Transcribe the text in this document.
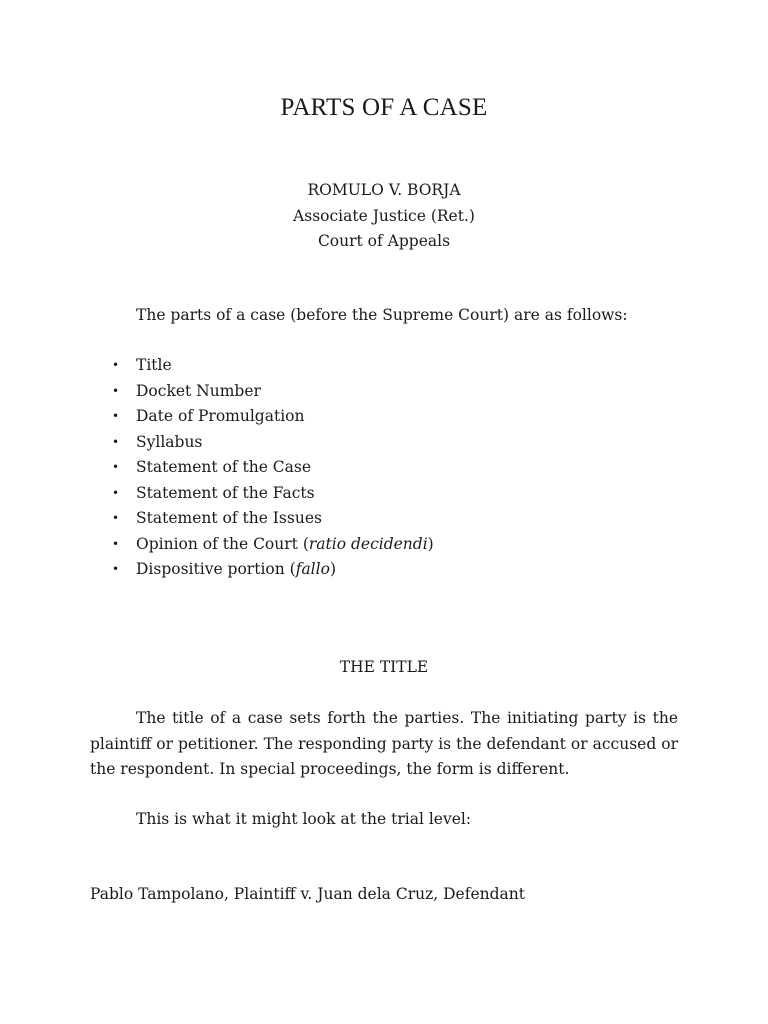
PARTS OF A CASE
ROMULO V. BORJA
Associate Justice (Ret.)
Court of Appeals

The parts of a case (before the Supreme Court) are as follows:

• Title
• Docket Number
• Date of Promulgation
• Syllabus
• Statement of the Case
• Statement of the Facts
• Statement of the Issues
• Opinion of the Court (ratio decidendi)
• Dispositive portion (fallo)
THE TITLE

The title of a case sets forth the parties. The initiating party is the plaintiff or petitioner. The responding party is the defendant or accused or the respondent. In special proceedings, the form is different.

This is what it might look at the trial level:

Pablo Tampolano, Plaintiff v. Juan dela Cruz, Defendant
